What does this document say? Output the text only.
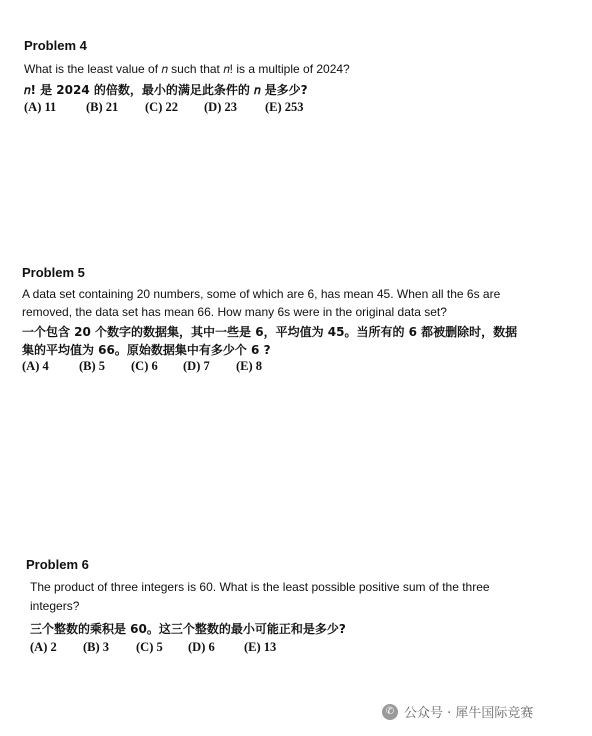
Problem 4
What is the least value of 𝑛 such that 𝑛! is a multiple of 2024?
𝑛! 是 2024 的倍数，最小的满足此条件的 𝑛 是多少?
(A) 11 (B) 21 (C) 22 (D) 23 (E) 253
Problem 5
A data set containing 20 numbers, some of which are 6, has mean 45. When all the 6s are
removed, the data set has mean 66. How many 6s were in the original data set?
一个包含 20 个数字的数据集，其中一些是 6，平均值为 45。当所有的 6 都被删除时，数据
集的平均值为 66。原始数据集中有多少个 6 ?
(A) 4 (B) 5 (C) 6 (D) 7 (E) 8
Problem 6
The product of three integers is 60. What is the least possible positive sum of the three
integers?
三个整数的乘积是 60。这三个整数的最小可能正和是多少?
(A) 2 (B) 3 (C) 5 (D) 6 (E) 13
✆ 公众号 · 犀牛国际竞赛
